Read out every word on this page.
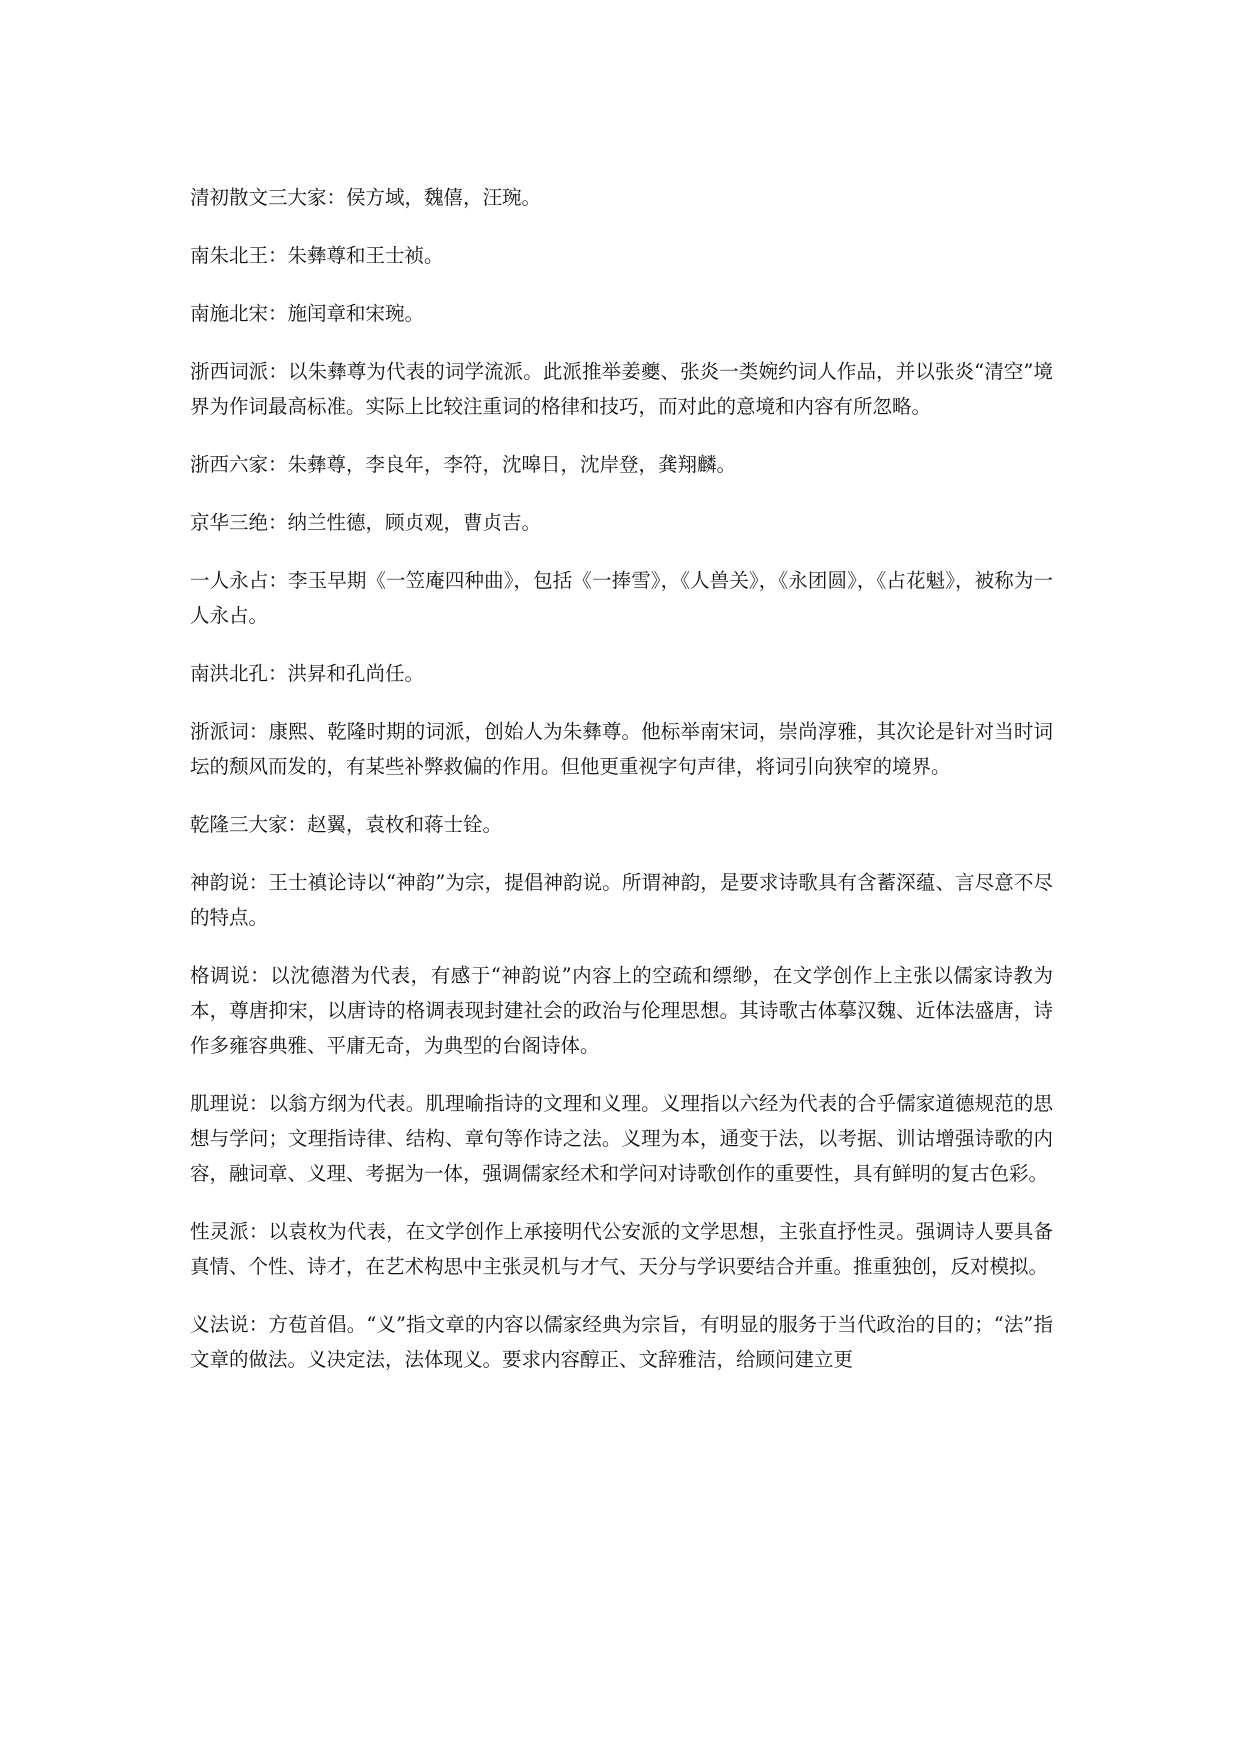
清初散文三大家：侯方域，魏僖，汪琬。

南朱北王：朱彝尊和王士祯。

南施北宋：施闰章和宋琬。

浙西词派：以朱彝尊为代表的词学流派。此派推举姜夔、张炎一类婉约词人作品，并以张炎“清空”境界为作词最高标准。实际上比较注重词的格律和技巧，而对此的意境和内容有所忽略。

浙西六家：朱彝尊，李良年，李符，沈暤日，沈岸登，龚翔麟。

京华三绝：纳兰性德，顾贞观，曹贞吉。

一人永占：李玉早期《一笠庵四种曲》，包括《一捧雪》，《人兽关》，《永团圆》，《占花魁》，被称为一人永占。

南洪北孔：洪昇和孔尚任。

浙派词：康熙、乾隆时期的词派，创始人为朱彝尊。他标举南宋词，崇尚淳雅，其次论是针对当时词坛的颓风而发的，有某些补弊救偏的作用。但他更重视字句声律，将词引向狭窄的境界。

乾隆三大家：赵翼，袁枚和蒋士铨。

神韵说：王士禛论诗以“神韵”为宗，提倡神韵说。所谓神韵，是要求诗歌具有含蓄深蕴、言尽意不尽的特点。

格调说：以沈德潜为代表，有感于“神韵说”内容上的空疏和缥缈，在文学创作上主张以儒家诗教为本，尊唐抑宋，以唐诗的格调表现封建社会的政治与伦理思想。其诗歌古体摹汉魏、近体法盛唐，诗作多雍容典雅、平庸无奇，为典型的台阁诗体。

肌理说：以翁方纲为代表。肌理喻指诗的文理和义理。义理指以六经为代表的合乎儒家道德规范的思想与学问；文理指诗律、结构、章句等作诗之法。义理为本，通变于法，以考据、训诂增强诗歌的内容，融词章、义理、考据为一体，强调儒家经术和学问对诗歌创作的重要性，具有鲜明的复古色彩。

性灵派：以袁枚为代表，在文学创作上承接明代公安派的文学思想，主张直抒性灵。强调诗人要具备真情、个性、诗才，在艺术构思中主张灵机与才气、天分与学识要结合并重。推重独创，反对模拟。

义法说：方苞首倡。“义”指文章的内容以儒家经典为宗旨，有明显的服务于当代政治的目的；“法”指文章的做法。义决定法，法体现义。要求内容醇正、文辞雅洁，给顾问建立更
